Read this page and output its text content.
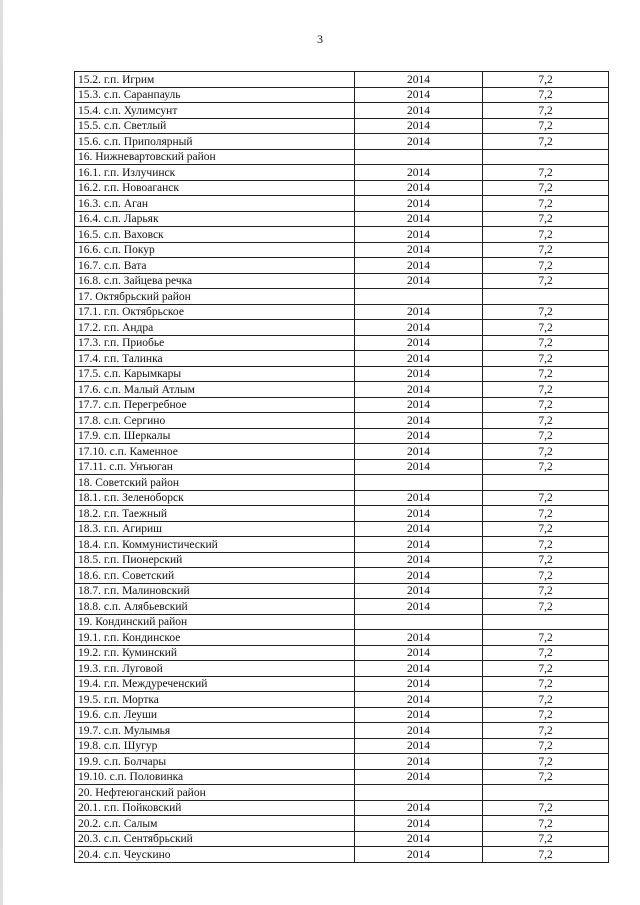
3
15.2. г.п. Игрим	2014	7,2
15.3. с.п. Саранпауль	2014	7,2
15.4. с.п. Хулимсунт	2014	7,2
15.5. с.п. Светлый	2014	7,2
15.6. с.п. Приполярный	2014	7,2
16. Нижневартовский район		
16.1. г.п. Излучинск	2014	7,2
16.2. г.п. Новоаганск	2014	7,2
16.3. с.п. Аган	2014	7,2
16.4. с.п. Ларьяк	2014	7,2
16.5. с.п. Ваховск	2014	7,2
16.6. с.п. Покур	2014	7,2
16.7. с.п. Вата	2014	7,2
16.8. с.п. Зайцева речка	2014	7,2
17. Октябрьский район		
17.1. г.п. Октябрьское	2014	7,2
17.2. г.п. Андра	2014	7,2
17.3. г.п. Приобье	2014	7,2
17.4. г.п. Талинка	2014	7,2
17.5. с.п. Карымкары	2014	7,2
17.6. с.п. Малый Атлым	2014	7,2
17.7. с.п. Перегребное	2014	7,2
17.8. с.п. Сергино	2014	7,2
17.9. с.п. Шеркалы	2014	7,2
17.10. с.п. Каменное	2014	7,2
17.11. с.п. Унъюган	2014	7,2
18. Советский район		
18.1. г.п. Зеленоборск	2014	7,2
18.2. г.п. Таежный	2014	7,2
18.3. г.п. Агириш	2014	7,2
18.4. г.п. Коммунистический	2014	7,2
18.5. г.п. Пионерский	2014	7,2
18.6. г.п. Советский	2014	7,2
18.7. г.п. Малиновский	2014	7,2
18.8. с.п. Алябьевский	2014	7,2
19. Кондинский район		
19.1. г.п. Кондинское	2014	7,2
19.2. г.п. Куминский	2014	7,2
19.3. г.п. Луговой	2014	7,2
19.4. г.п. Междуреченский	2014	7,2
19.5. г.п. Мортка	2014	7,2
19.6. с.п. Леуши	2014	7,2
19.7. с.п. Мулымья	2014	7,2
19.8. с.п. Шугур	2014	7,2
19.9. с.п. Болчары	2014	7,2
19.10. с.п. Половинка	2014	7,2
20. Нефтеюганский район		
20.1. г.п. Пойковский	2014	7,2
20.2. с.п. Салым	2014	7,2
20.3. с.п. Сентябрьский	2014	7,2
20.4. с.п. Чеускино	2014	7,2
